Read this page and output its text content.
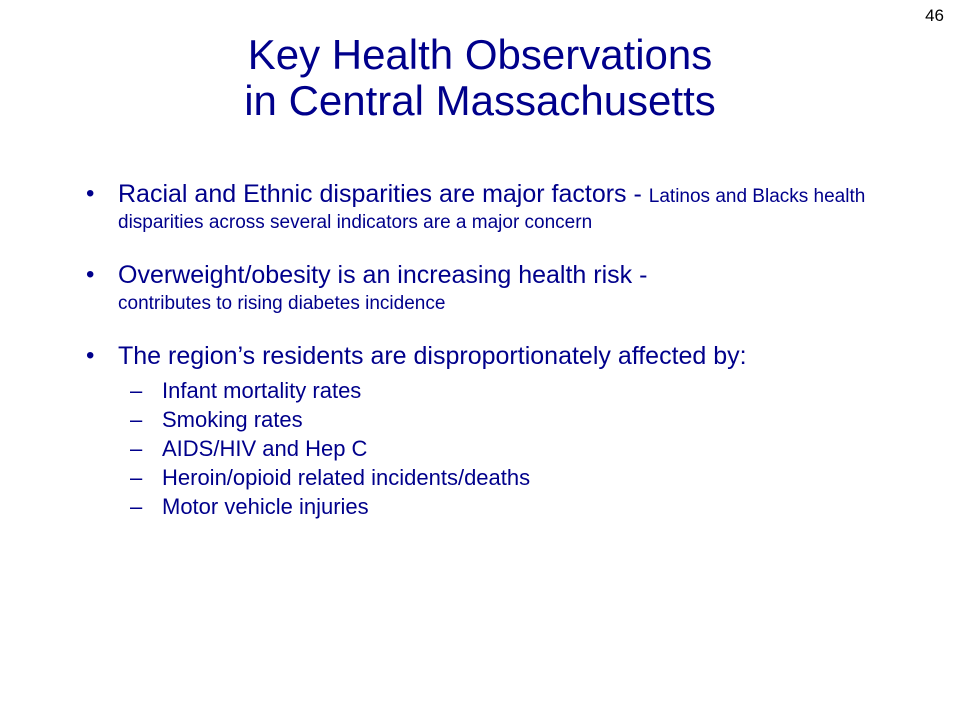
46
Key Health Observations
in Central Massachusetts
• Racial and Ethnic disparities are major factors - Latinos and Blacks health disparities across several indicators are a major concern
• Overweight/obesity is an increasing health risk -
contributes to rising diabetes incidence
• The region’s residents are disproportionately affected by:
– Infant mortality rates
– Smoking rates
– AIDS/HIV and Hep C
– Heroin/opioid related incidents/deaths
– Motor vehicle injuries
